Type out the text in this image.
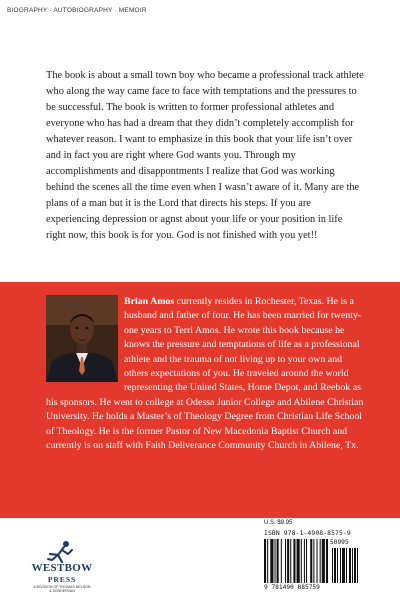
BIOGRAPHY · AUTOBIOGRAPHY · MEMOIR

The book is about a small town boy who became a professional track athlete who along the way came face to face with temptations and the pressures to be successful. The book is written to former professional athletes and everyone who has had a dream that they didn’t completely accomplish for whatever reason. I want to emphasize in this book that your life isn’t over and in fact you are right where God wants you. Through my accomplishments and disappontments I realize that God was working behind the scenes all the time even when I wasn’t aware of it. Many are the plans of a man but it is the Lord that directs his steps. If you are experiencing depression or agnst about your life or your position in life right now, this book is for you. God is not finished with you yet!!

Brian Amos currently resides in Rochester, Texas. He is a husband and father of four. He has been married for twenty-one years to Terri Amos. He wrote this book because he knows the pressure and temptations of life as a professional athlete and the trauma of not living up to your own and others expectations of you. He traveled around the world representing the United States, Home Depot, and Reebok as his sponsors. He went to college at Odessa Junior College and Abilene Christian University. He holds a Master’s of Theology Degree from Christian Life School of Theology. He is the former Pastor of New Macedonia Baptist Church and currently is on staff with Faith Deliverance Community Church in Abilene, Tx.

WESTBOW
PRESS
A DIVISION OF THOMAS NELSON
& ZONDERVAN
U.S. $9.95
ISBN 978-1-4908-8575-9
50995
9 781490 885759
